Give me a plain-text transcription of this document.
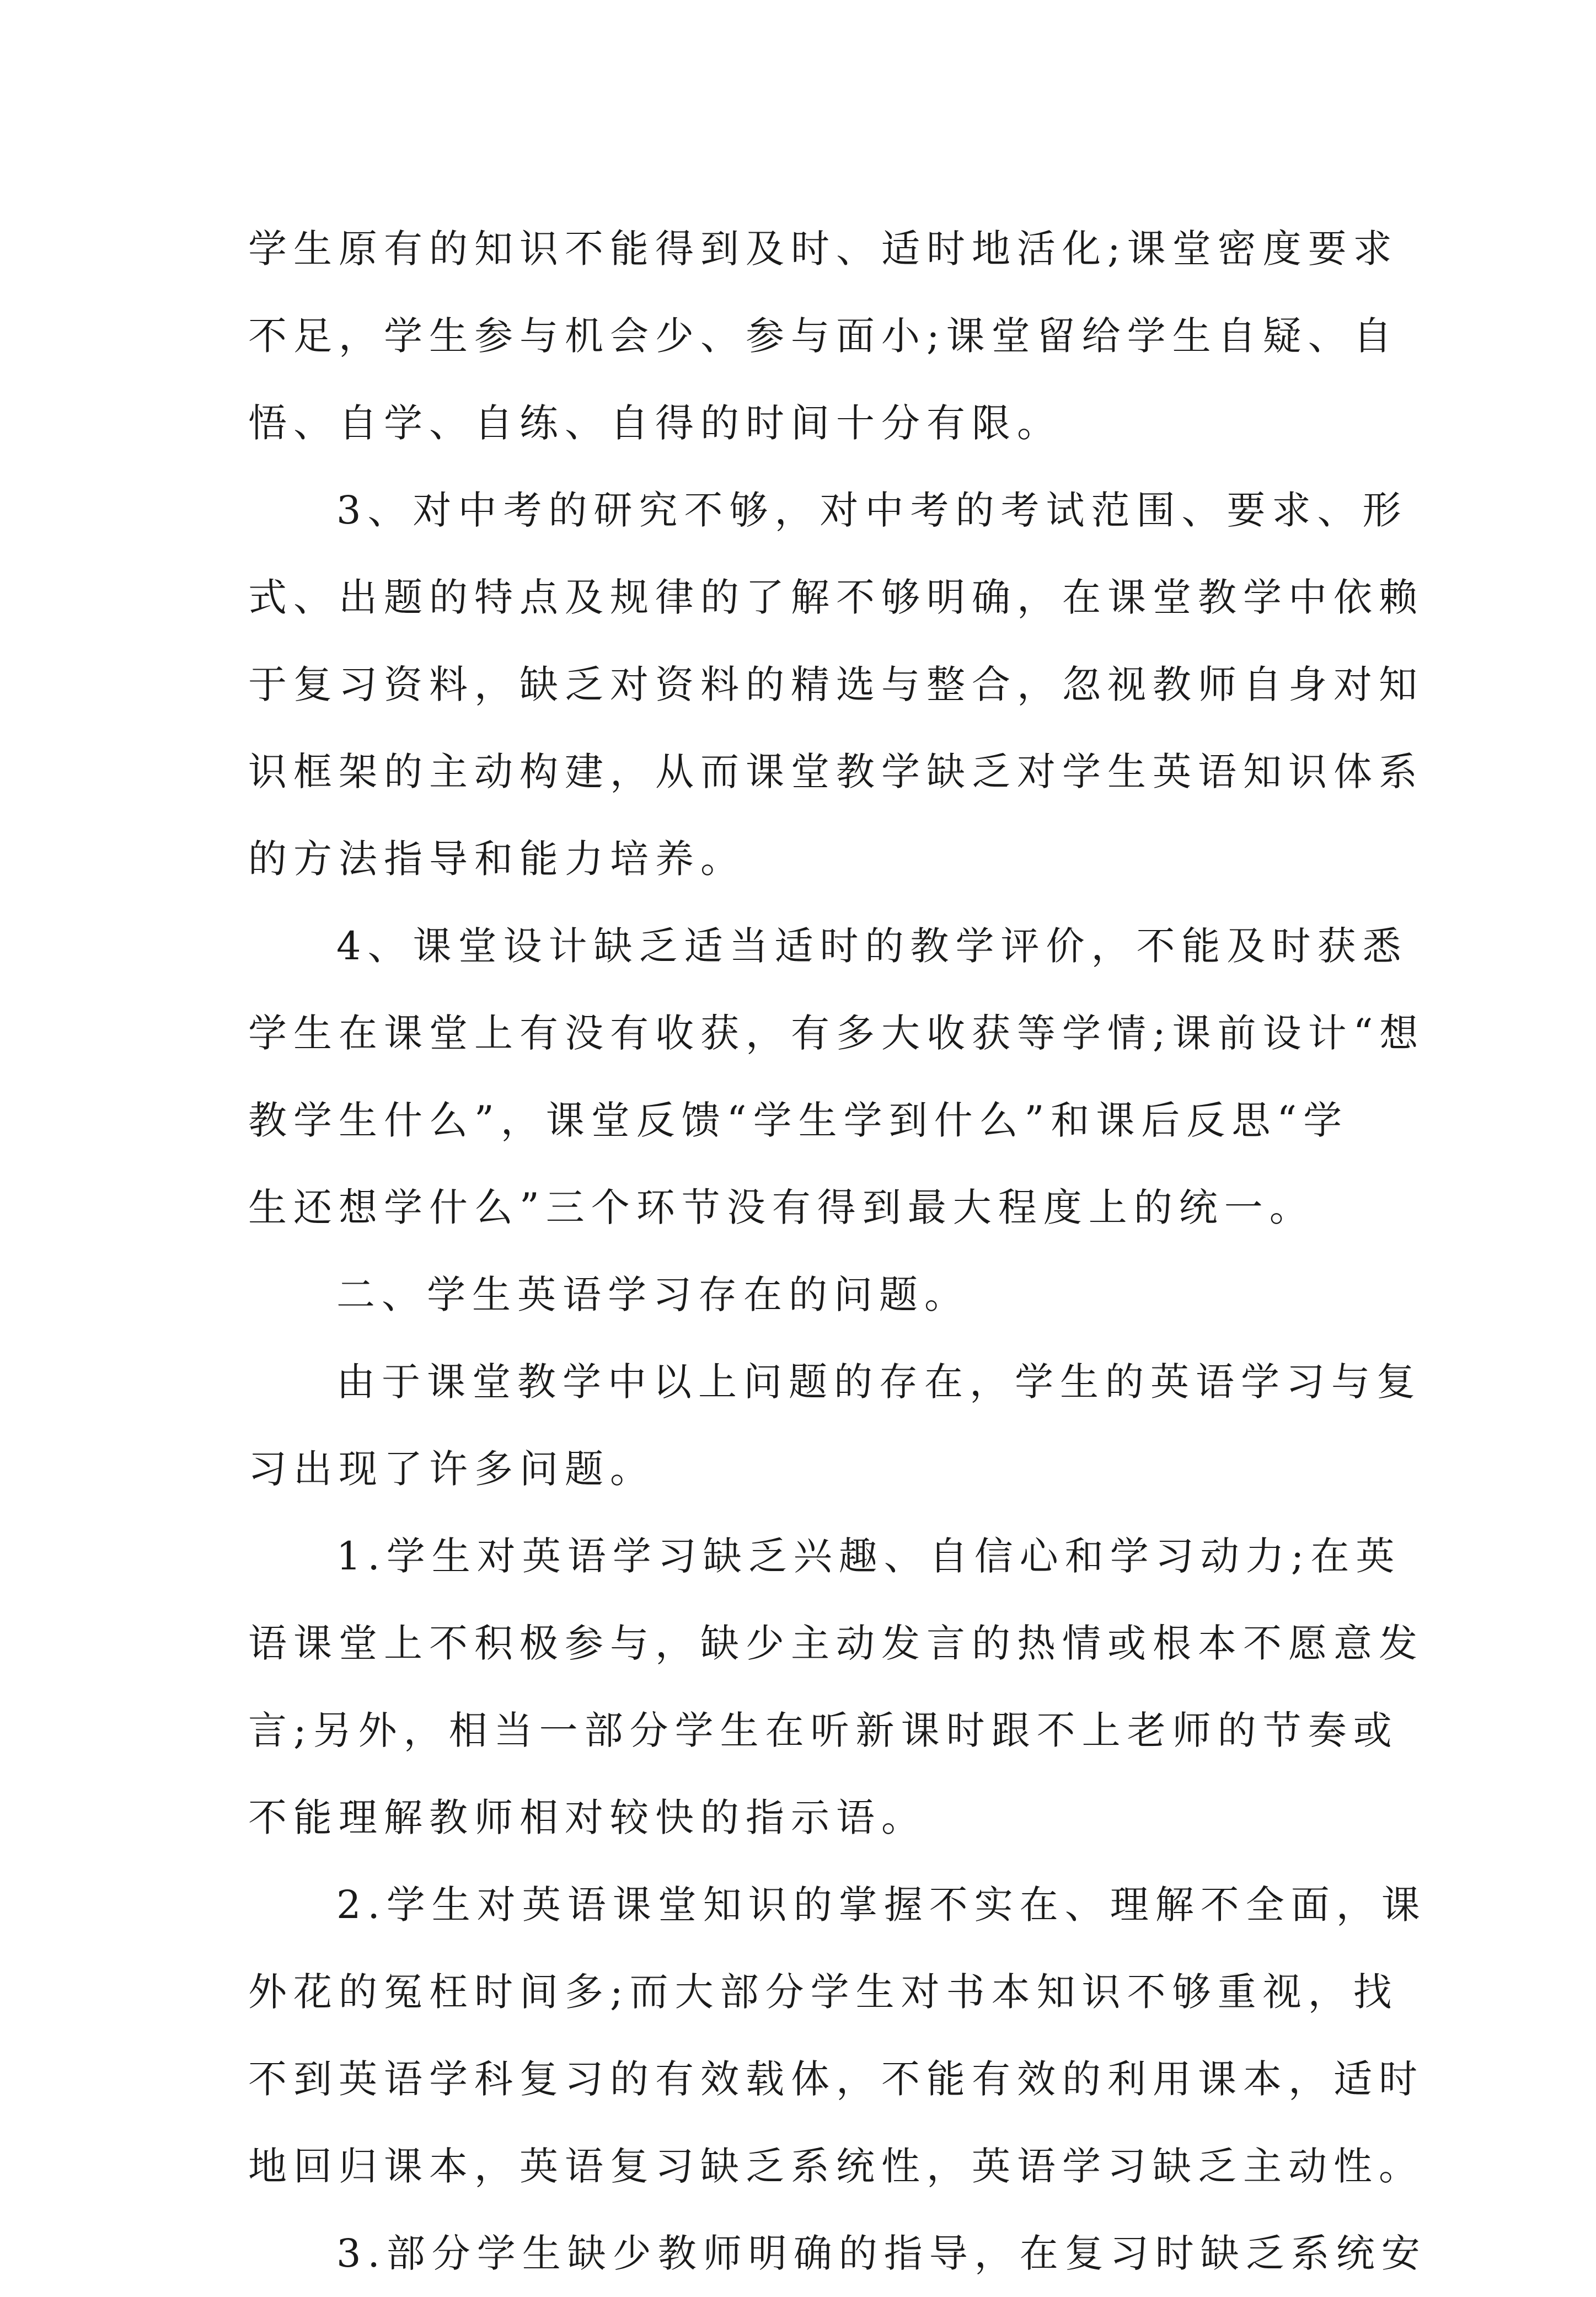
学生原有的知识不能得到及时、适时地活化;课堂密度要求
不足，学生参与机会少、参与面小;课堂留给学生自疑、自
悟、自学、自练、自得的时间十分有限。
3、对中考的研究不够，对中考的考试范围、要求、形
式、出题的特点及规律的了解不够明确，在课堂教学中依赖
于复习资料，缺乏对资料的精选与整合，忽视教师自身对知
识框架的主动构建，从而课堂教学缺乏对学生英语知识体系
的方法指导和能力培养。
4、课堂设计缺乏适当适时的教学评价，不能及时获悉
学生在课堂上有没有收获，有多大收获等学情;课前设计“想
教学生什么”，课堂反馈“学生学到什么”和课后反思“学
生还想学什么”三个环节没有得到最大程度上的统一。
二、学生英语学习存在的问题。
由于课堂教学中以上问题的存在，学生的英语学习与复
习出现了许多问题。
1.学生对英语学习缺乏兴趣、自信心和学习动力;在英
语课堂上不积极参与，缺少主动发言的热情或根本不愿意发
言;另外，相当一部分学生在听新课时跟不上老师的节奏或
不能理解教师相对较快的指示语。
2.学生对英语课堂知识的掌握不实在、理解不全面，课
外花的冤枉时间多;而大部分学生对书本知识不够重视，找
不到英语学科复习的有效载体，不能有效的利用课本，适时
地回归课本，英语复习缺乏系统性，英语学习缺乏主动性。
3.部分学生缺少教师明确的指导，在复习时缺乏系统安
